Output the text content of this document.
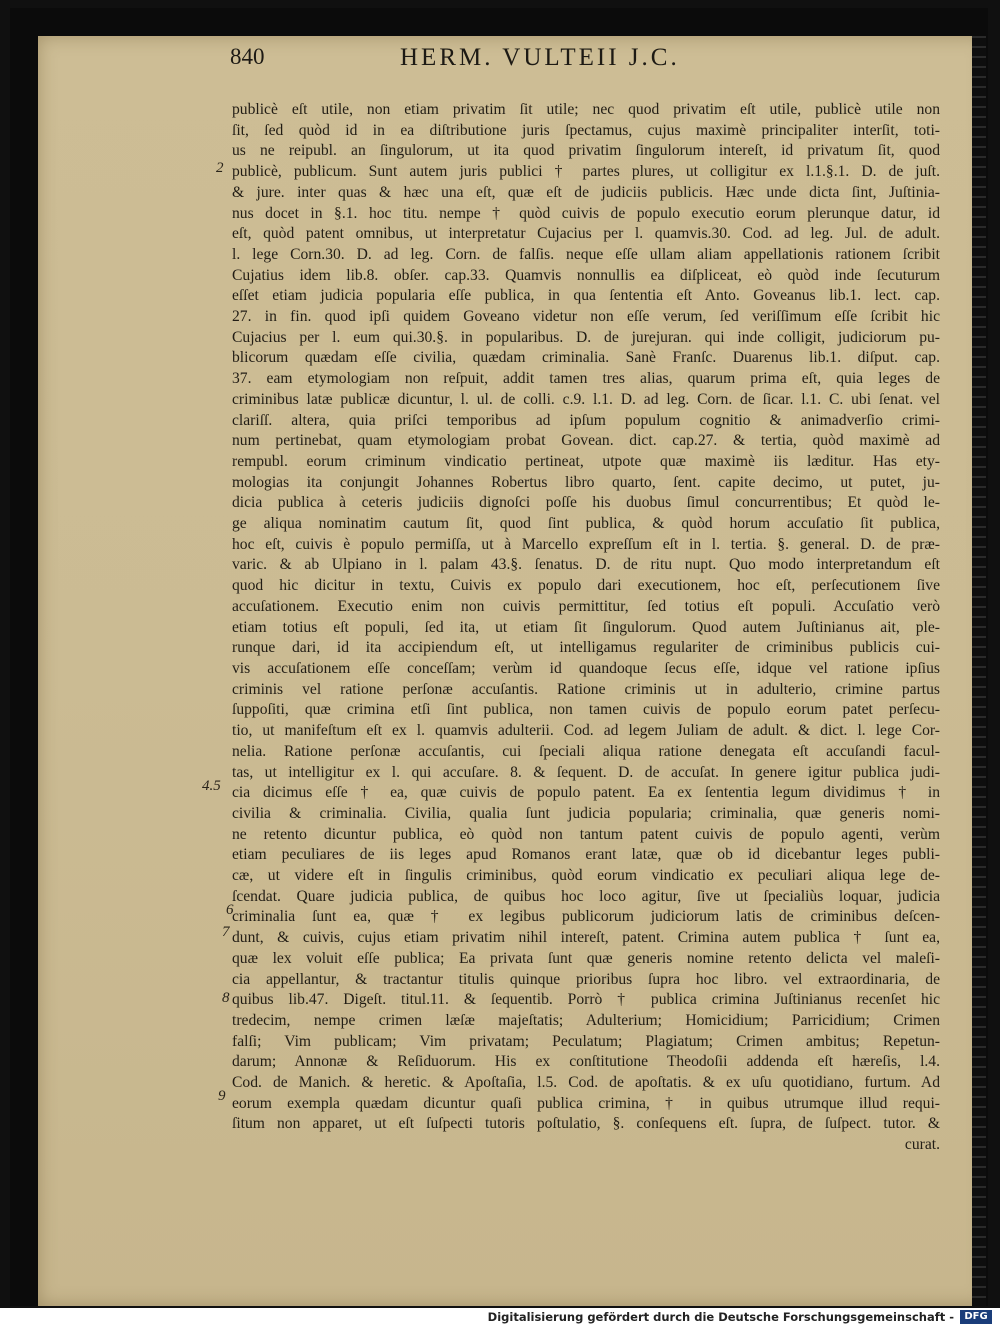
840	HERM. VULTEII J.C.
publicè eſt utile, non etiam privatim ſit utile; nec quod privatim eſt utile, publicè utile non
ſit, ſed quòd id in ea diſtributione juris ſpectamus, cujus maximè principaliter interſit, toti-
us ne reipubl. an ſingulorum, ut ita quod privatim ſingulorum intereſt, id privatum ſit, quod
publicè, publicum. Sunt autem juris publici † partes plures, ut colligitur ex l.1.§.1. D. de juſt.
& jure. inter quas & hæc una eſt, quæ eſt de judiciis publicis. Hæc unde dicta ſint, Juſtinia-
nus docet in §.1. hoc titu. nempe † quòd cuivis de populo executio eorum plerunque datur, id
eſt, quòd patent omnibus, ut interpretatur Cujacius per l. quamvis.30. Cod. ad leg. Jul. de adult.
l. lege Corn.30. D. ad leg. Corn. de falſis. neque eſſe ullam aliam appellationis rationem ſcribit
Cujatius idem lib.8. obſer. cap.33. Quamvis nonnullis ea diſpliceat, eò quòd inde ſecuturum
eſſet etiam judicia popularia eſſe publica, in qua ſententia eſt Anto. Goveanus lib.1. lect. cap.
27. in fin. quod ipſi quidem Goveano videtur non eſſe verum, ſed veriſſimum eſſe ſcribit hic
Cujacius per l. eum qui.30.§. in popularibus. D. de jurejuran. qui inde colligit, judiciorum pu-
blicorum quædam eſſe civilia, quædam criminalia. Sanè Franſc. Duarenus lib.1. diſput. cap.
37. eam etymologiam non reſpuit, addit tamen tres alias, quarum prima eſt, quia leges de
criminibus latæ publicæ dicuntur, l. ul. de colli. c.9. l.1. D. ad leg. Corn. de ſicar. l.1. C. ubi ſenat. vel
clariſſ. altera, quia priſci temporibus ad ipſum populum cognitio & animadverſio crimi-
num pertinebat, quam etymologiam probat Govean. dict. cap.27. & tertia, quòd maximè ad
rempubl. eorum criminum vindicatio pertineat, utpote quæ maximè iis læditur. Has ety-
mologias ita conjungit Johannes Robertus libro quarto, ſent. capite decimo, ut putet, ju-
dicia publica à ceteris judiciis dignoſci poſſe his duobus ſimul concurrentibus; Et quòd le-
ge aliqua nominatim cautum ſit, quod ſint publica, & quòd horum accuſatio ſit publica,
hoc eſt, cuivis è populo permiſſa, ut à Marcello expreſſum eſt in l. tertia. §. general. D. de præ-
varic. & ab Ulpiano in l. palam 43.§. ſenatus. D. de ritu nupt. Quo modo interpretandum eſt
quod hic dicitur in textu, Cuivis ex populo dari executionem, hoc eſt, perſecutionem ſive
accuſationem. Executio enim non cuivis permittitur, ſed totius eſt populi. Accuſatio verò
etiam totius eſt populi, ſed ita, ut etiam ſit ſingulorum. Quod autem Juſtinianus ait, ple-
runque dari, id ita accipiendum eſt, ut intelligamus regulariter de criminibus publicis cui-
vis accuſationem eſſe conceſſam; verùm id quandoque ſecus eſſe, idque vel ratione ipſius
criminis vel ratione perſonæ accuſantis. Ratione criminis ut in adulterio, crimine partus
ſuppoſiti, quæ crimina etſi ſint publica, non tamen cuivis de populo eorum patet perſecu-
tio, ut manifeſtum eſt ex l. quamvis adulterii. Cod. ad legem Juliam de adult. & dict. l. lege Cor-
nelia. Ratione perſonæ accuſantis, cui ſpeciali aliqua ratione denegata eſt accuſandi facul-
tas, ut intelligitur ex l. qui accuſare. 8. & ſequent. D. de accuſat. In genere igitur publica judi-
cia dicimus eſſe † ea, quæ cuivis de populo patent. Ea ex ſententia legum dividimus † in
civilia & criminalia. Civilia, qualia ſunt judicia popularia; criminalia, quæ generis nomi-
ne retento dicuntur publica, eò quòd non tantum patent cuivis de populo agenti, verùm
etiam peculiares de iis leges apud Romanos erant latæ, quæ ob id dicebantur leges publi-
cæ, ut videre eſt in ſingulis criminibus, quòd eorum vindicatio ex peculiari aliqua lege de-
ſcendat. Quare judicia publica, de quibus hoc loco agitur, ſive ut ſpecialiùs loquar, judicia
criminalia ſunt ea, quæ † ex legibus publicorum judiciorum latis de criminibus deſcen-
dunt, & cuivis, cujus etiam privatim nihil intereſt, patent. Crimina autem publica † ſunt ea,
quæ lex voluit eſſe publica; Ea privata ſunt quæ generis nomine retento delicta vel maleſi-
cia appellantur, & tractantur titulis quinque prioribus ſupra hoc libro. vel extraordinaria, de
quibus lib.47. Digeſt. titul.11. & ſequentib. Porrò † publica crimina Juſtinianus recenſet hic
tredecim, nempe crimen læſæ majeſtatis; Adulterium; Homicidium; Parricidium; Crimen
falſi; Vim publicam; Vim privatam; Peculatum; Plagiatum; Crimen ambitus; Repetun-
darum; Annonæ & Reſiduorum. His ex conſtitutione Theodoſii addenda eſt hæreſis, l.4.
Cod. de Manich. & heretic. & Apoſtaſia, l.5. Cod. de apoſtatis. & ex uſu quotidiano, furtum. Ad
eorum exempla quædam dicuntur quaſi publica crimina, † in quibus utrumque illud requi-
ſitum non apparet, ut eſt ſuſpecti tutoris poſtulatio, §. conſequens eſt. ſupra, de ſuſpect. tutor. &
curat.
2
4.5
6
7
8
9
Digitalisierung gefördert durch die Deutsche Forschungsgemeinschaft -	DFG
